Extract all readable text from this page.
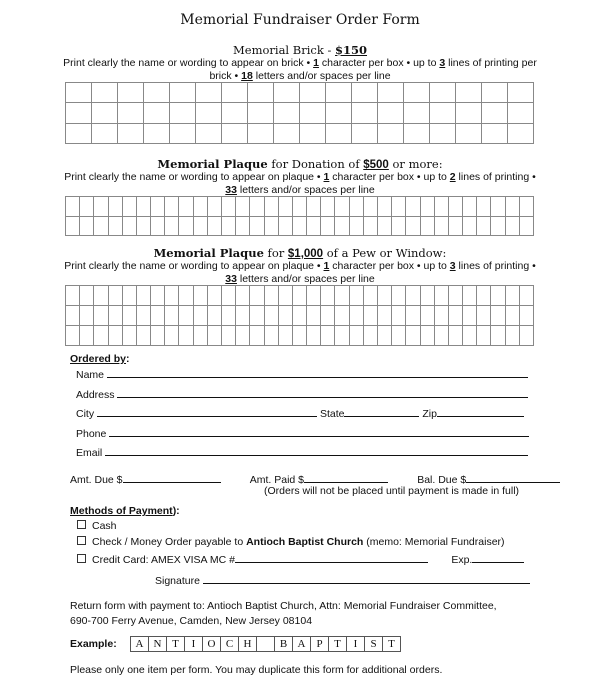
Memorial Fundraiser Order Form
Memorial Brick - $150
Print clearly the name or wording to appear on brick • 1 character per box • up to 3 lines of printing per brick • 18 letters and/or spaces per line
Memorial Plaque for Donation of $500 or more:
Print clearly the name or wording to appear on plaque • 1 character per box • up to 2 lines of printing • 33 letters and/or spaces per line
Memorial Plaque for $1,000 of a Pew or Window:
Print clearly the name or wording to appear on plaque • 1 character per box • up to 3 lines of printing • 33 letters and/or spaces per line
Ordered by:
Name
Address
City	State	Zip
Phone
Email
Amt. Due $	Amt. Paid $	Bal. Due $
(Orders will not be placed until payment is made in full)
Methods of Payment):
Cash
Check / Money Order payable to Antioch Baptist Church (memo: Memorial Fundraiser)
Credit Card: AMEX VISA MC #	Exp.
Signature
Return form with payment to: Antioch Baptist Church, Attn: Memorial Fundraiser Committee,
690-700 Ferry Avenue, Camden, New Jersey 08104
Example:	A N T	I	O C H	B A P	T	I	S	T
Please only one item per form. You may duplicate this form for additional orders.
